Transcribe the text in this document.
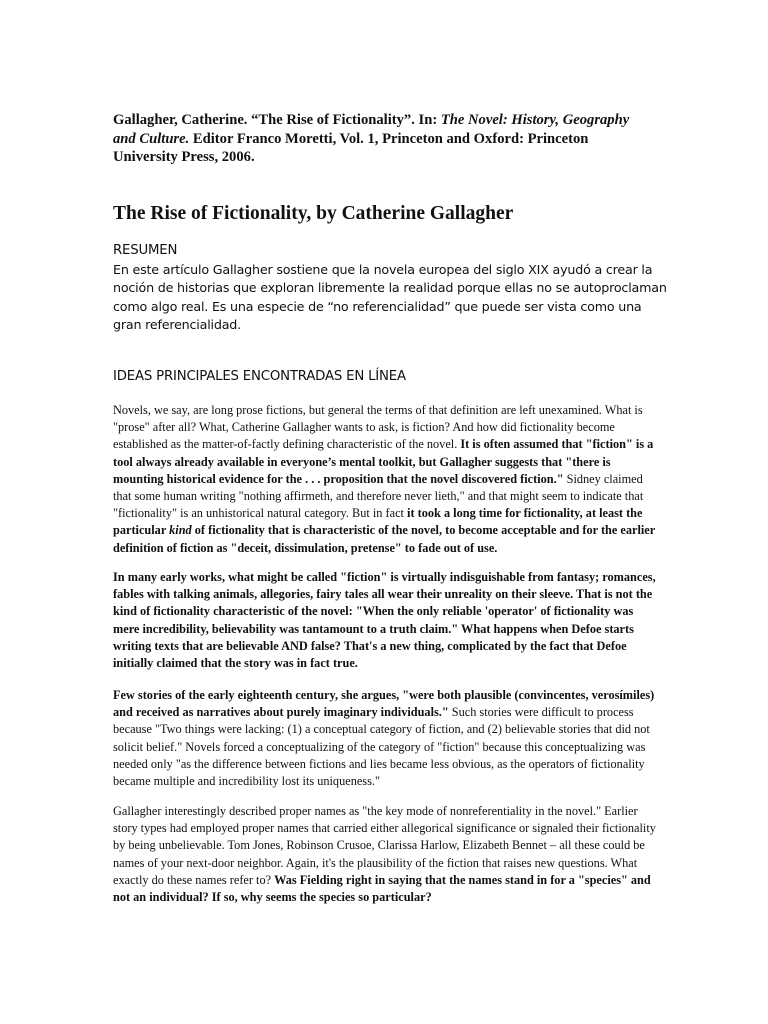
Gallagher, Catherine. “The Rise of Fictionality”. In: The Novel: History, Geography and Culture. Editor Franco Moretti, Vol. 1, Princeton and Oxford: Princeton University Press, 2006.
The Rise of Fictionality, by Catherine Gallagher
RESUMEN
En este artículo Gallagher sostiene que la novela europea del siglo XIX ayudó a crear la noción de historias que exploran libremente la realidad porque ellas no se autoproclaman como algo real. Es una especie de “no referencialidad” que puede ser vista como una gran referencialidad.
IDEAS PRINCIPALES ENCONTRADAS EN LÍNEA

Novels, we say, are long prose fictions, but general the terms of that definition are left unexamined. What is "prose" after all? What, Catherine Gallagher wants to ask, is fiction? And how did fictionality become established as the matter-of-factly defining characteristic of the novel. It is often assumed that "fiction" is a tool always already available in everyone’s mental toolkit, but Gallagher suggests that "there is mounting historical evidence for the . . . proposition that the novel discovered fiction." Sidney claimed that some human writing "nothing affirmeth, and therefore never lieth," and that might seem to indicate that "fictionality" is an unhistorical natural category. But in fact it took a long time for fictionality, at least the particular kind of fictionality that is characteristic of the novel, to become acceptable and for the earlier definition of fiction as "deceit, dissimulation, pretense" to fade out of use.

In many early works, what might be called "fiction" is virtually indisguishable from fantasy; romances, fables with talking animals, allegories, fairy tales all wear their unreality on their sleeve. That is not the kind of fictionality characteristic of the novel: "When the only reliable 'operator' of fictionality was mere incredibility, believability was tantamount to a truth claim." What happens when Defoe starts writing texts that are believable AND false? That's a new thing, complicated by the fact that Defoe initially claimed that the story was in fact true.

Few stories of the early eighteenth century, she argues, "were both plausible (convincentes, verosímiles) and received as narratives about purely imaginary individuals." Such stories were difficult to process because "Two things were lacking: (1) a conceptual category of fiction, and (2) believable stories that did not solicit belief." Novels forced a conceptualizing of the category of "fiction" because this conceptualizing was needed only "as the difference between fictions and lies became less obvious, as the operators of fictionality became multiple and incredibility lost its uniqueness."

Gallagher interestingly described proper names as "the key mode of nonreferentiality in the novel." Earlier story types had employed proper names that carried either allegorical significance or signaled their fictionality by being unbelievable. Tom Jones, Robinson Crusoe, Clarissa Harlow, Elizabeth Bennet – all these could be names of your next-door neighbor. Again, it's the plausibility of the fiction that raises new questions. What exactly do these names refer to? Was Fielding right in saying that the names stand in for a "species" and not an individual? If so, why seems the species so particular?
